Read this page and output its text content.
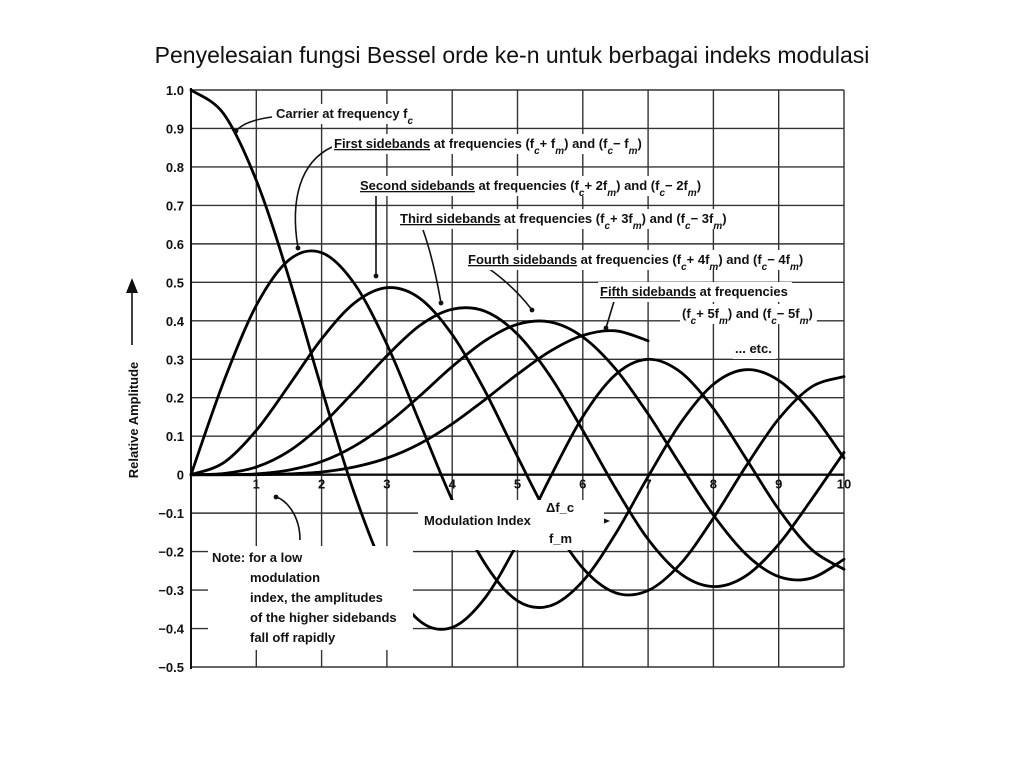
Penyelesaian fungsi Bessel orde ke-n untuk berbagai indeks modulasi
1.0
0.9
0.8
0.7
0.6
0.5
0.4
0.3
0.2
0.1
0
−0.1
−0.2
−0.3
−0.4
−0.5
1	2	3	4	5	6	7	8	9	10
Carrier at frequency $f_c$
First sidebands at frequencies $(f_c+ f_m)$ and $(f_c- f_m)$
Second sidebands at frequencies $(f_c+ 2f_m)$ and $(f_c- 2f_m)$
Third sidebands at frequencies $(f_c+ 3f_m)$ and $(f_c- 3f_m)$
Fourth sidebands at frequencies $(f_c+ 4f_m)$ and $(f_c- 4f_m)$
Fifth sidebands at frequencies
$(f_c+ 5f_m)$ and $(f_c- 5f_m)$
... etc.
Relative Amplitude
Modulation Index
Δf_c
f_m
Note: for a low
modulation
index, the amplitudes
of the higher sidebands
fall off rapidly
